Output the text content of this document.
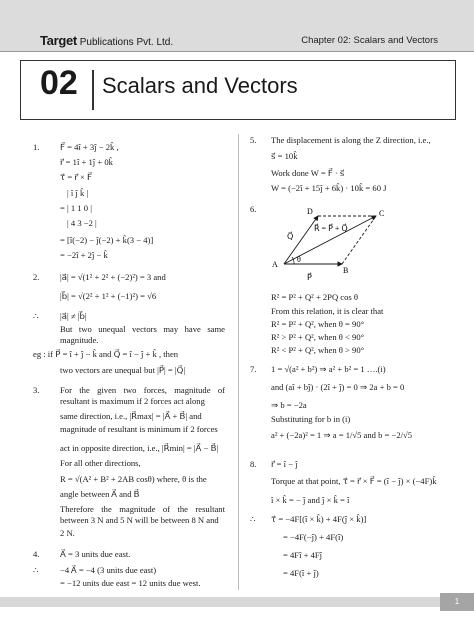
Target Publications Pvt. Ltd.	Chapter 02: Scalars and Vectors
02 Scalars and Vectors
1. F⃗ = 4î + 3ĵ − 2k̂ ,
r⃗ = 1î + 1ĵ + 0k̂
τ⃗ = r⃗ × F⃗
| î ĵ k̂ |
= | 1 1 0 |
| 4 3 −2 |
= [î(−2) − ĵ(−2) + k̂(3 − 4)]
= −2î + 2ĵ − k̂
2. |a⃗| = √(1² + 2² + (−2)²) = 3 and
|b⃗| = √(2² + 1² + (−1)²) = √6
∴	|a⃗| ≠ |b⃗|
But two unequal vectors may have same magnitude.
eg : if P⃗ = î + ĵ − k̂ and Q⃗ = î − ĵ + k̂ , then
two vectors are unequal but |P⃗| = |Q⃗|
3. For the given two forces, magnitude of resultant is maximum if 2 forces act along
same direction, i.e., |R⃗max| = |A⃗ + B⃗| and
magnitude of resultant is minimum if 2 forces
act in opposite direction, i.e., |R⃗min| = |A⃗ − B⃗|
For all other directions,
R = √(A² + B² + 2AB cosθ) where, θ is the
angle between A⃗ and B⃗
Therefore the magnitude of the resultant between 3 N and 5 N will be between 8 N and
2 N.
4. A⃗ = 3 units due east.
∴	−4 A⃗ = −4 (3 units due east)
= −12 units due east = 12 units due west.
5. The displacement is along the Z direction, i.e.,
s⃗ = 10k̂
Work done W = F⃗ · s⃗
W = (−2î + 15ĵ + 6k̂) · 10k̂ = 60 J
6.	D	C
A
B
R⃗ = P⃗ + Q⃗
Q⃗
P⃗
θ
R² = P² + Q² + 2PQ cos θ
From this relation, it is clear that
R² = P² + Q², when θ = 90°
R² > P² + Q², when θ < 90°
R² < P² + Q², when θ > 90°
7. 1 = √(a² + b²) ⇒ a² + b² = 1 ….(i)
and (aî + bĵ) · (2î + ĵ) = 0 ⇒ 2a + b = 0
⇒ b = −2a
Substituting for b in (i)
a² + (−2a)² = 1 ⇒ a = 1/√5 and b = −2/√5
8. r⃗ = î − ĵ
Torque at that point, τ⃗ = r⃗ × F⃗ = (î − ĵ) × (−4F)k̂
î × k̂ = − ĵ and ĵ × k̂ = î
∴ τ⃗ = −4F[(î × k̂) + 4F(ĵ × k̂)]
= −4F(−ĵ) + 4F(î)
= 4Fî + 4Fĵ
= 4F(î + ĵ)
1
